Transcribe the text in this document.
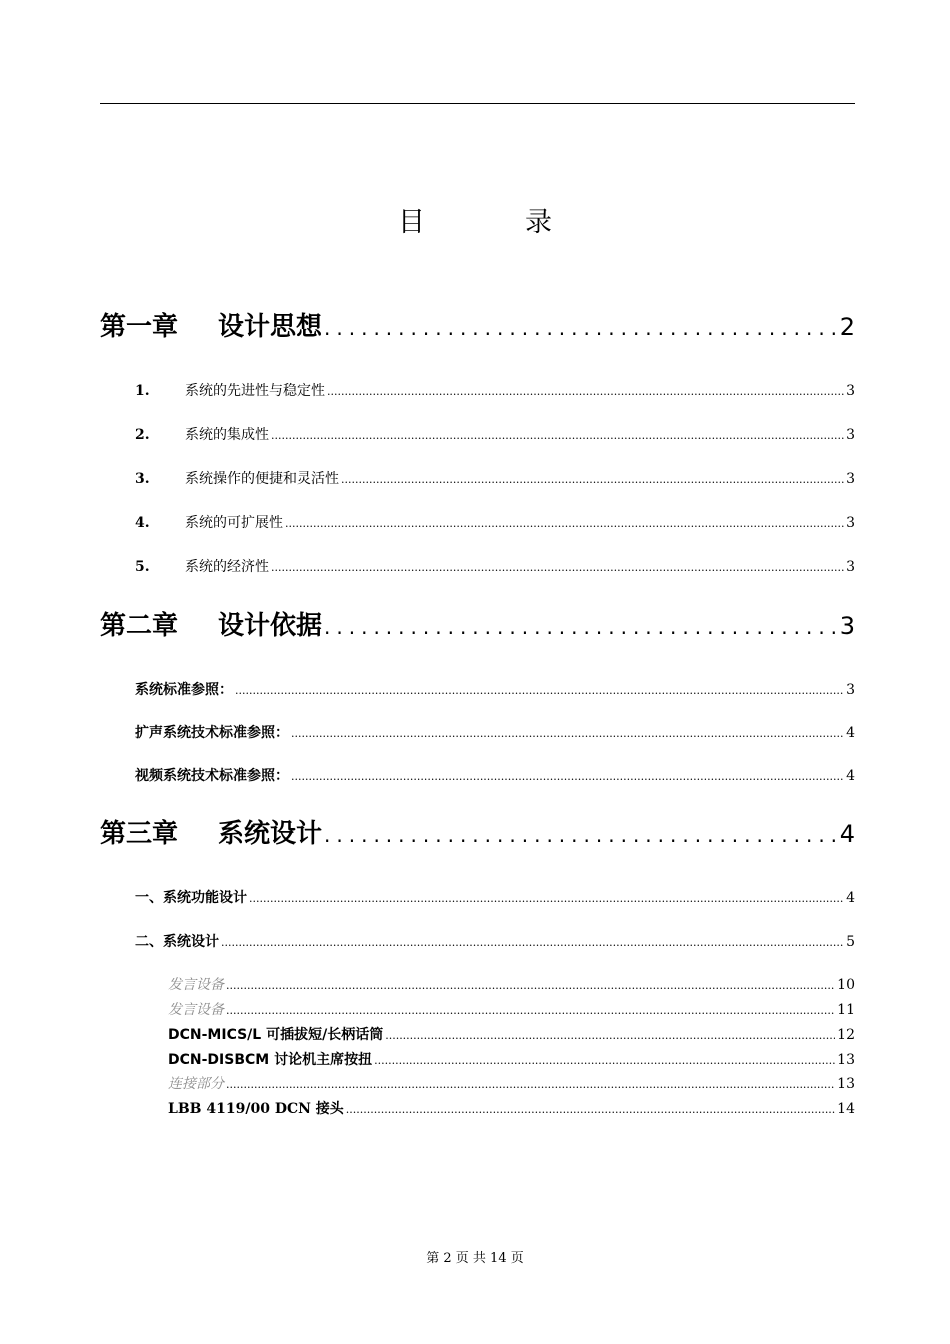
目	录
第一章	设计思想 .....	2
1.	系统的先进性与稳定性 .....	3
2.	系统的集成性 .....	3
3.	系统操作的便捷和灵活性 .....	3
4.	系统的可扩展性 .....	3
5.	系统的经济性 .....	3
第二章	设计依据 .....	3
系统标准参照： .....	3
扩声系统技术标准参照： .....	4
视频系统技术标准参照： .....	4
第三章	系统设计 .....	4
一、系统功能设计 .....	4
二、系统设计 .....	5
发言设备 .....	10
发言设备 .....	11
DCN-MICS/L 可插拔短/长柄话筒 .....	12
DCN-DISBCM 讨论机主席按扭 .....	13
连接部分 .....	13
LBB 4119/00 DCN 接头 .....	14
第 2 页 共 14 页
